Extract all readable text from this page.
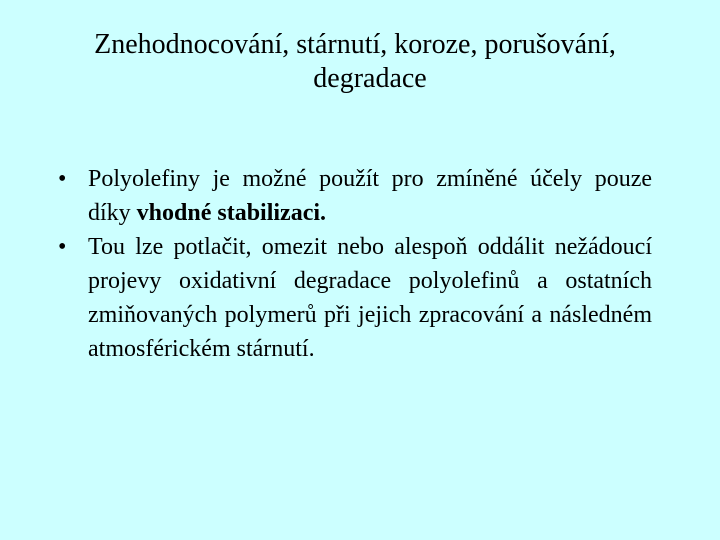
Znehodnocování, stárnutí, koroze, porušování,
degradace
• Polyolefiny je možné použít pro zmíněné účely pouze díky vhodné stabilizaci.
• Tou lze potlačit, omezit nebo alespoň oddálit nežádoucí projevy oxidativní degradace polyolefinů a ostatních zmiňovaných polymerů při jejich zpracování a následném atmosférickém stárnutí.
